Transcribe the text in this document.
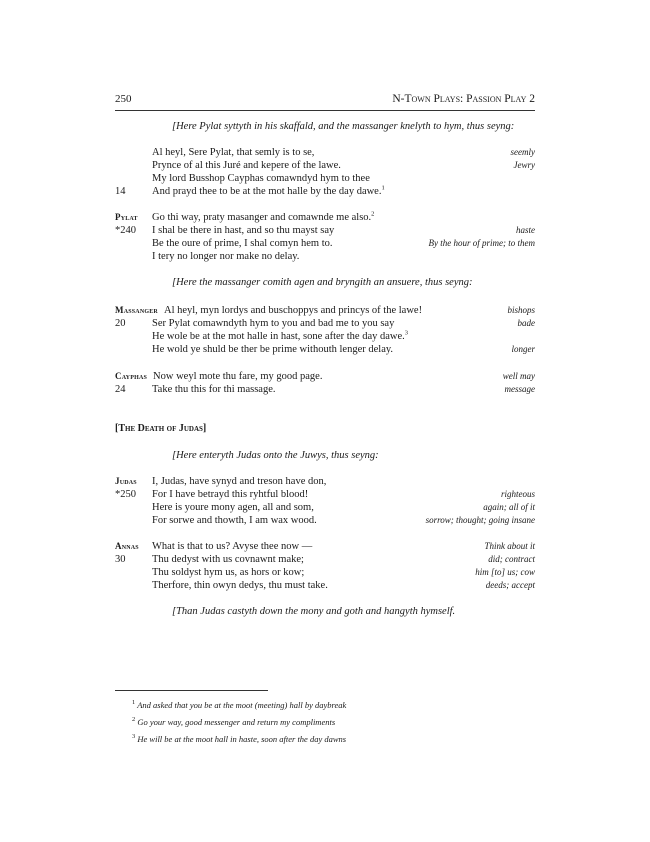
250	N-Town Plays: Passion Play 2
[Here Pylat syttyth in his skaffald, and the massanger knelyth to hym, thus seyng:
Al heyl, Sere Pylat, that semly is to se,	seemly
Prynce of al this Juré and kepere of the lawe.	Jewry
My lord Busshop Cayphas comawndyd hym to thee
14	And prayd thee to be at the mot halle by the day dawe.$^1$
Pylat Go thi way, praty masanger and comawnde me also.$^2$
*240 I shal be there in hast, and so thu mayst say	haste
Be the oure of prime, I shal comyn hem to.	By the hour of prime; to them
I tery no longer nor make no delay.
[Here the massanger comith agen and bryngith an ansuere, thus seyng:
Massanger Al heyl, myn lordys and buschoppys and princys of the lawe!	bishops
20	Ser Pylat comawndyth hym to you and bad me to you say	bade
He wole be at the mot halle in hast, sone after the day dawe.$^3$
He wold ye shuld be ther be prime withouth lenger delay.	longer
Cayphas Now weyl mote thu fare, my good page.	well may
24	Take thu this for thi massage.	message
[The Death of Judas]
[Here enteryth Judas onto the Juwys, thus seyng:
Judas I, Judas, have synyd and treson have don,
*250 For I have betrayd this ryhtful blood!	righteous
Here is youre mony agen, all and som,	again; all of it
For sorwe and thowth, I am wax wood.	sorrow; thought; going insane
Annas What is that to us? Avyse thee now —	Think about it
30	Thu dedyst with us covnawnt make;	did; contract
Thu soldyst hym us, as hors or kow;	him [to] us; cow
Therfore, thin owyn dedys, thu must take.	deeds; accept
[Than Judas castyth down the mony and goth and hangyth hymself.
$^1$ And asked that you be at the moot (meeting) hall by daybreak
$^2$ Go your way, good messenger and return my compliments
$^3$ He will be at the moot hall in haste, soon after the day dawns
